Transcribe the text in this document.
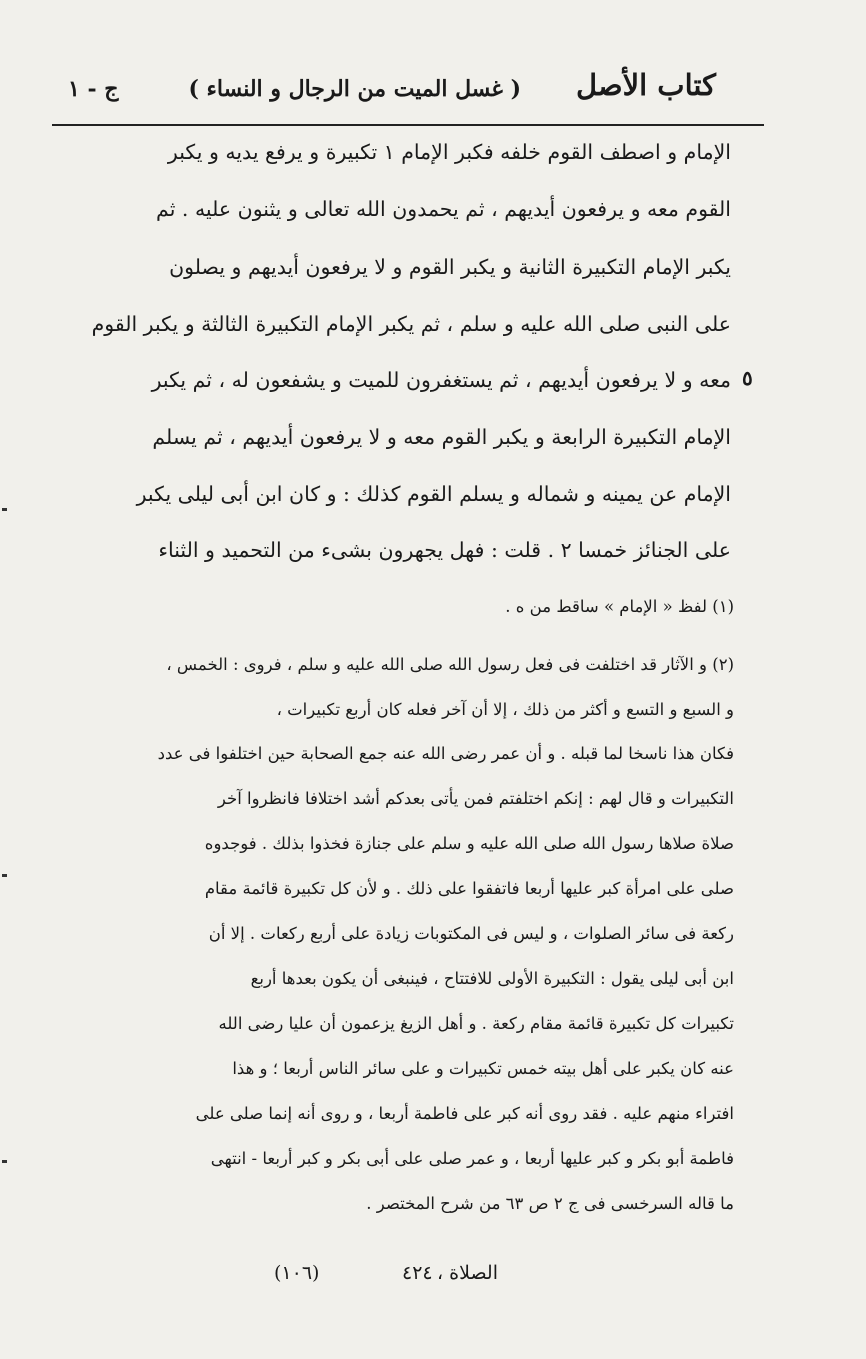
كتاب الأصل
( غسل الميت من الرجال و النساء )
ج - ١
الإمام و اصطف القوم خلفه فكبر الإمام ١ تكبيرة و يرفع يديه و يكبر
القوم معه و يرفعون أيديهم ، ثم يحمدون الله تعالى و يثنون عليه . ثم
يكبر الإمام التكبيرة الثانية و يكبر القوم و لا يرفعون أيديهم و يصلون
على النبى صلى الله عليه و سلم ، ثم يكبر الإمام التكبيرة الثالثة و يكبر القوم
معه و لا يرفعون أيديهم ، ثم يستغفرون للميت و يشفعون له ، ثم يكبر
الإمام التكبيرة الرابعة و يكبر القوم معه و لا يرفعون أيديهم ، ثم يسلم
الإمام عن يمينه و شماله و يسلم القوم كذلك : و كان ابن أبى ليلى يكبر
على الجنائز خمسا ٢ . قلت : فهل يجهرون بشىء من التحميد و الثناء
٥
(١) لفظ « الإمام » ساقط من ه .
(٢) و الآثار قد اختلفت فى فعل رسول الله صلى الله عليه و سلم ، فروى : الخمس ،
و السبع و التسع و أكثر من ذلك ، إلا أن آخر فعله كان أربع تكبيرات ،
فكان هذا ناسخا لما قبله . و أن عمر رضى الله عنه جمع الصحابة حين اختلفوا فى عدد
التكبيرات و قال لهم : إنكم اختلفتم فمن يأتى بعدكم أشد اختلافا فانظروا آخر
صلاة صلاها رسول الله صلى الله عليه و سلم على جنازة فخذوا بذلك . فوجدوه
صلى على امرأة كبر عليها أربعا فاتفقوا على ذلك . و لأن كل تكبيرة قائمة مقام
ركعة فى سائر الصلوات ، و ليس فى المكتوبات زيادة على أربع ركعات . إلا أن
ابن أبى ليلى يقول : التكبيرة الأولى للافتتاح ، فينبغى أن يكون بعدها أربع
تكبيرات كل تكبيرة قائمة مقام ركعة . و أهل الزيغ يزعمون أن عليا رضى الله
عنه كان يكبر على أهل بيته خمس تكبيرات و على سائر الناس أربعا ؛ و هذا
افتراء منهم عليه . فقد روى أنه كبر على فاطمة أربعا ، و روى أنه إنما صلى على
فاطمة أبو بكر و كبر عليها أربعا ، و عمر صلى على أبى بكر و كبر أربعا - انتهى
ما قاله السرخسى فى ج ٢ ص ٦٣ من شرح المختصر .
، الصلاة
٤٢٤
(١٠٦)
